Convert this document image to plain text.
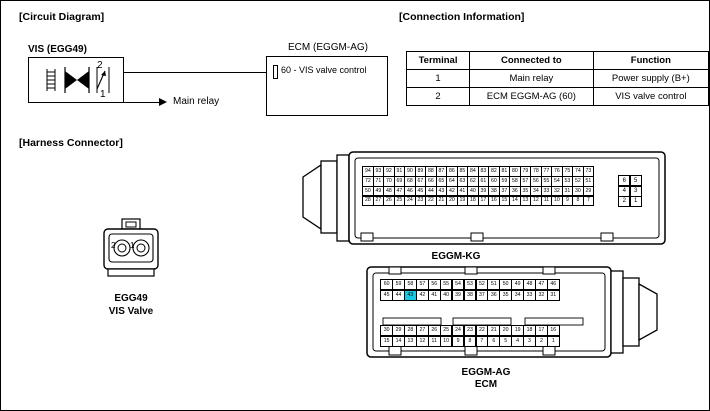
[Circuit Diagram]	[Connection Information]
[Harness Connector]
VIS (EGG49)
2
1
Main relay
ECM (EGGM-AG)
60 - VIS valve control
Terminal	Connected to	Function
1	Main relay	Power supply (B+)
2	ECM EGGM-AG (60)	VIS valve control
2 1
EGG49
VIS Valve
94 93 92 91 90 89 88 87 86 85 84 83 82 81 80 79 78 77 76 75 74 73
72 71 70 69 68 67 66 65 64 63 62 61 60 59 58 57 56 55 54 53 52 51
50 49 48 47 46 45 44 43 42 41 40 39 38 37 36 35 34 33 32 31 30 29
28 27 26 25 24 23 22 21 20 19 18 17 16 15 14 13 12 11 10	9	8	7
6	5
4	3
2	1
EGGM-KG
60	59	58	57	56	55	54	53	52	51	50	49	48	47	46
45	44	43	42	41	40	39	38	37	36	35	34	33	32	31
30	29	28	27	26	25	24	23	22	21	20	19	18	17	16
15	14	13	12	11	10	9	8	7	6	5	4	3	2	1
EGGM-AG
ECM
